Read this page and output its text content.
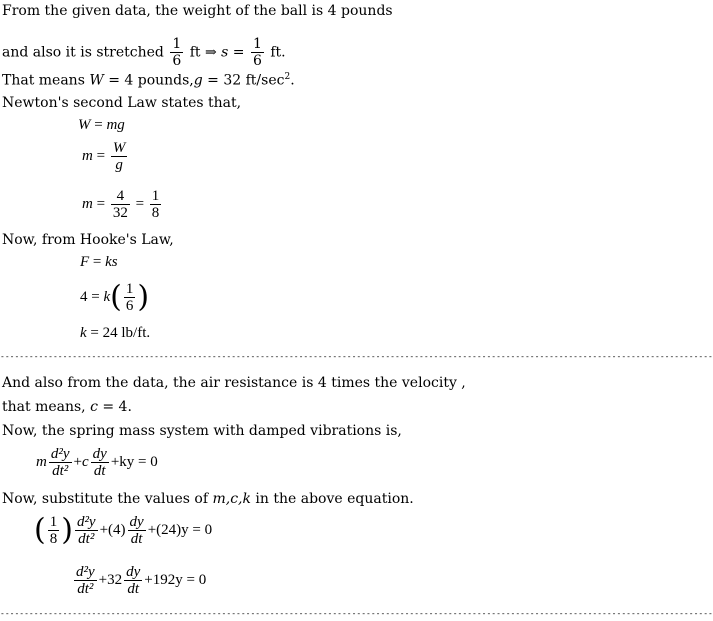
From the given data, the weight of the ball is 4 pounds
and also it is stretched $\frac{1}{6}$ ft ⇒ $s = \frac{1}{6}$ ft.
That means W = 4 pounds,g = 32 $ft/\sec^2$.
Newton's second Law states that,
W = mg
$m = \frac{W}{g}$
$m = \frac{4}{32} = \frac{1}{8}$
Now, from Hooke's Law,
F = ks
$4 = k( \frac{1}{6}$ )
k = 24 lb/ft.
----------------------------------------------------------------------------------------------------------------------------------------------------
And also from the data, the air resistance is 4 times the velocity ,
that means, c = 4.
Now, the spring mass system with damped vibrations is,
m $\frac{\text{d²y}}{\text{dt²}} +c \frac{dy}{dt} +ky = 0$
Now, substitute the values of m,c,k in the above equation.
( $\frac{1}{8}$ ) $\frac{\text{d²y}}{\text{dt²}} +(4) \frac{dy}{dt} +(24)y = 0$
$\frac{\text{d²y}}{\text{dt²}} +32 \frac{dy}{dt} +192y = 0$
----------------------------------------------------------------------------------------------------------------------------------------------------
